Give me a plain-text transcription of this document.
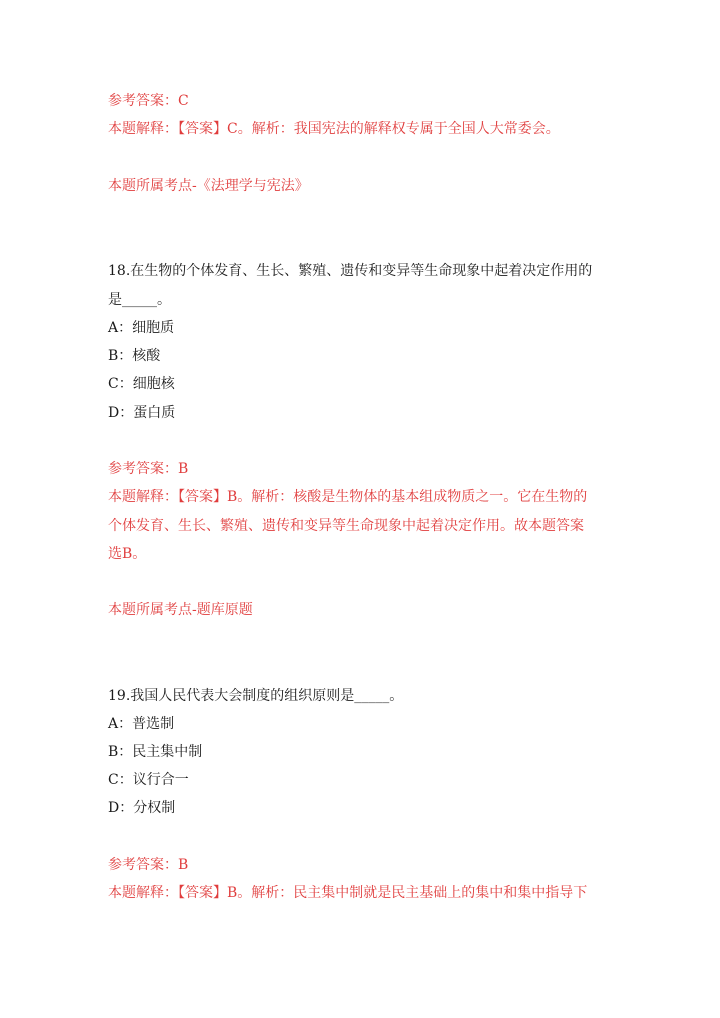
参考答案：C
本题解释：【答案】C。解析：我国宪法的解释权专属于全国人大常委会。
本题所属考点-《法理学与宪法》
18.在生物的个体发育、生长、繁殖、遗传和变异等生命现象中起着决定作用的
是_____。
A：细胞质
B：核酸
C：细胞核
D：蛋白质
参考答案：B
本题解释：【答案】B。解析：核酸是生物体的基本组成物质之一。它在生物的
个体发育、生长、繁殖、遗传和变异等生命现象中起着决定作用。故本题答案
选B。
本题所属考点-题库原题
19.我国人民代表大会制度的组织原则是_____。
A：普选制
B：民主集中制
C：议行合一
D：分权制
参考答案：B
本题解释：【答案】B。解析：民主集中制就是民主基础上的集中和集中指导下
